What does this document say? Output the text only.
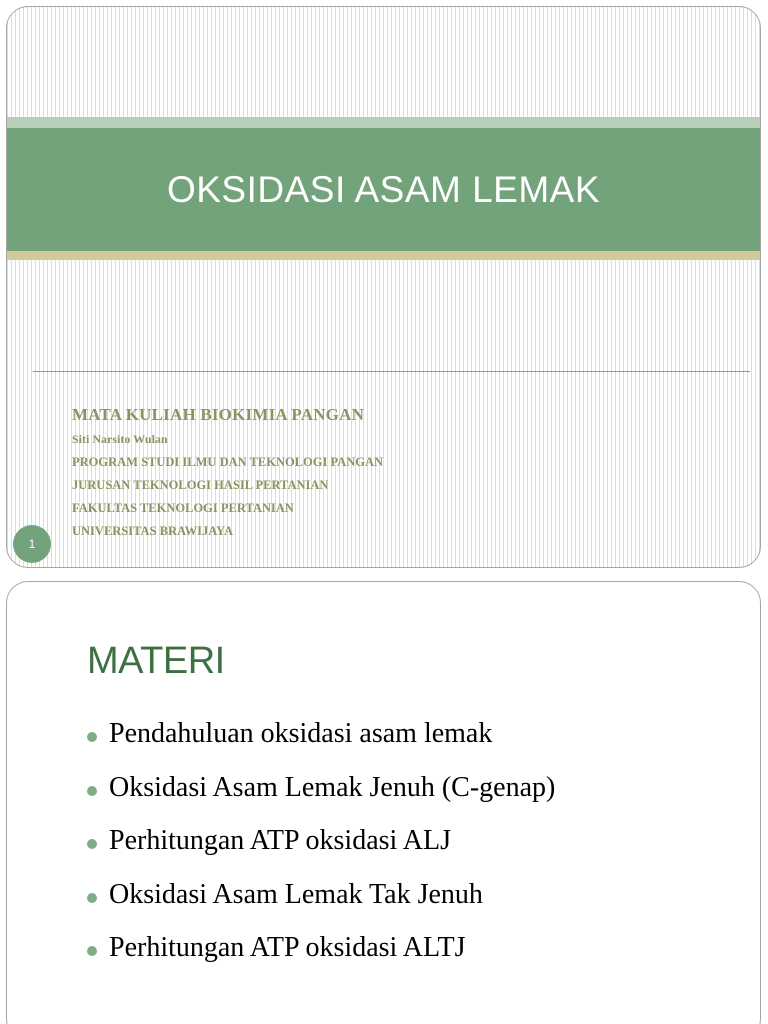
OKSIDASI ASAM LEMAK
MATA KULIAH BIOKIMIA PANGAN
Siti Narsito Wulan
PROGRAM STUDI ILMU DAN TEKNOLOGI PANGAN
JURUSAN TEKNOLOGI HASIL PERTANIAN
FAKULTAS TEKNOLOGI PERTANIAN
UNIVERSITAS BRAWIJAYA
1
MATERI
Pendahuluan oksidasi asam lemak
Oksidasi Asam Lemak Jenuh (C-genap)
Perhitungan ATP oksidasi ALJ
Oksidasi Asam Lemak Tak Jenuh
Perhitungan ATP oksidasi ALTJ
